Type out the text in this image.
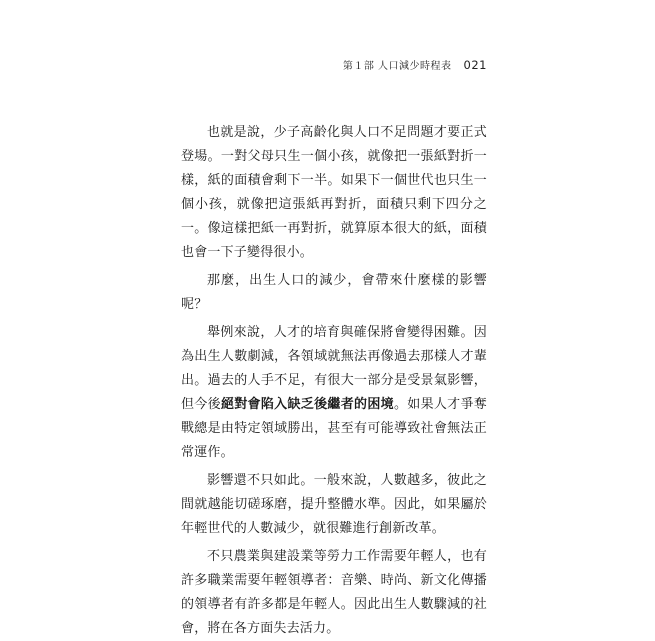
第１部 人口減少時程表 021

也就是說，少子高齡化與人口不足問題才要正式登場。一對父母只生一個小孩，就像把一張紙對折一樣，紙的面積會剩下一半。如果下一個世代也只生一個小孩，就像把這張紙再對折，面積只剩下四分之一。像這樣把紙一再對折，就算原本很大的紙，面積也會一下子變得很小。

那麼，出生人口的減少，會帶來什麼樣的影響呢？

舉例來說，人才的培育與確保將會變得困難。因為出生人數劇減，各領域就無法再像過去那樣人才輩出。過去的人手不足，有很大一部分是受景氣影響，但今後絕對會陷入缺乏後繼者的困境。如果人才爭奪戰總是由特定領域勝出，甚至有可能導致社會無法正常運作。

影響還不只如此。一般來說，人數越多，彼此之間就越能切磋琢磨，提升整體水準。因此，如果屬於年輕世代的人數減少，就很難進行創新改革。

不只農業與建設業等勞力工作需要年輕人，也有許多職業需要年輕領導者：音樂、時尚、新文化傳播的領導者有許多都是年輕人。因此出生人數驟減的社會，將在各方面失去活力。
